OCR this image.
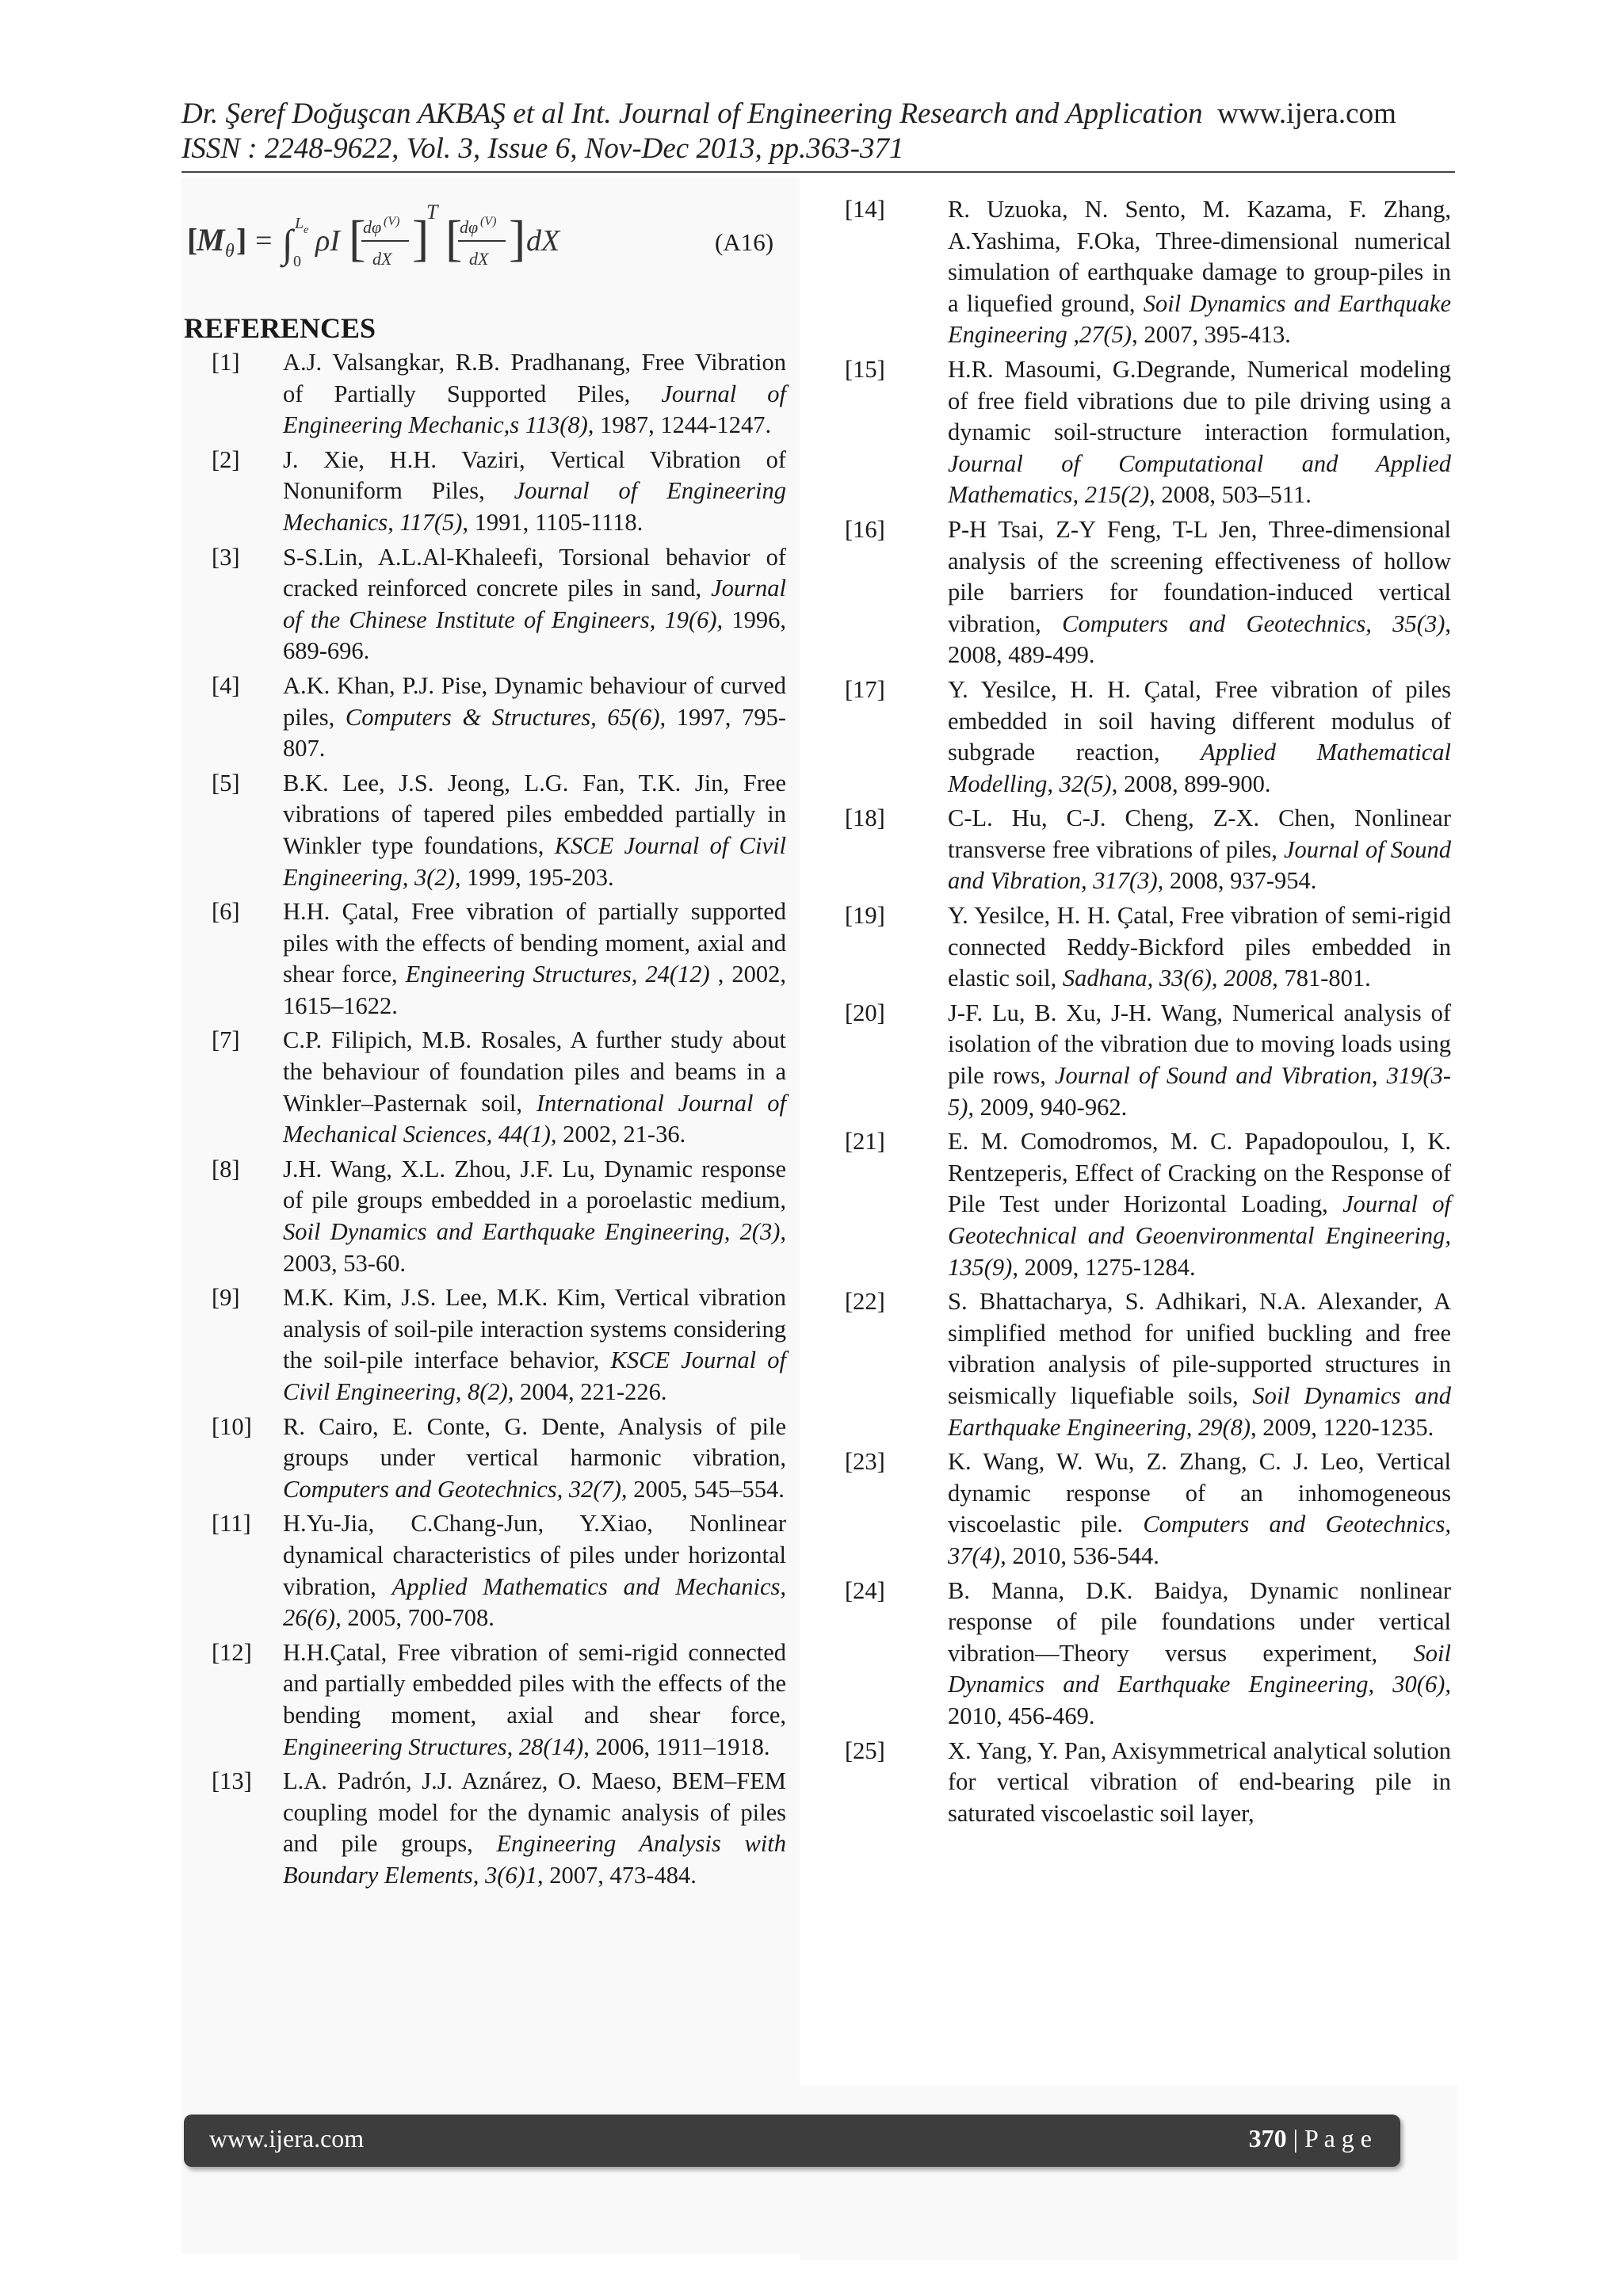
Dr. Şeref Doğuşcan AKBAŞ et al Int. Journal of Engineering Research and Application www.ijera.com
ISSN : 2248-9622, Vol. 3, Issue 6, Nov-Dec 2013, pp.363-371
[
M θ ] = ∫ L e
0
ρI [
dφ (V)
dX ]
T [
dφ (V)
dX ] dX	(A16)
REFERENCES
[1] A.J. Valsangkar, R.B. Pradhanang, Free Vibration of Partially Supported Piles, Journal of Engineering Mechanic,s 113(8), 1987, 1244-1247.
[2] J. Xie, H.H. Vaziri, Vertical Vibration of Nonuniform Piles, Journal of Engineering Mechanics, 117(5), 1991, 1105-1118.
[3] S-S.Lin, A.L.Al-Khaleefi, Torsional behavior of cracked reinforced concrete piles in sand, Journal of the Chinese Institute of Engineers, 19(6), 1996, 689-696.
[4] A.K. Khan, P.J. Pise, Dynamic behaviour of curved piles, Computers & Structures, 65(6), 1997, 795-807.
[5] B.K. Lee, J.S. Jeong, L.G. Fan, T.K. Jin, Free vibrations of tapered piles embedded partially in Winkler type foundations, KSCE Journal of Civil Engineering, 3(2), 1999, 195-203.
[6] H.H. Çatal, Free vibration of partially supported piles with the effects of bending moment, axial and shear force, Engineering Structures, 24(12) , 2002, 1615–1622.
[7] C.P. Filipich, M.B. Rosales, A further study about the behaviour of foundation piles and beams in a Winkler–Pasternak soil, International Journal of Mechanical Sciences, 44(1), 2002, 21-36.
[8] J.H. Wang, X.L. Zhou, J.F. Lu, Dynamic response of pile groups embedded in a poroelastic medium, Soil Dynamics and Earthquake Engineering, 2(3), 2003, 53-60.
[9] M.K. Kim, J.S. Lee, M.K. Kim, Vertical vibration analysis of soil-pile interaction systems considering the soil-pile interface behavior, KSCE Journal of Civil Engineering, 8(2), 2004, 221-226.
[10] R. Cairo, E. Conte, G. Dente, Analysis of pile groups under vertical harmonic vibration, Computers and Geotechnics, 32(7), 2005, 545–554.
[11] H.Yu-Jia, C.Chang-Jun, Y.Xiao, Nonlinear dynamical characteristics of piles under horizontal vibration, Applied Mathematics and Mechanics, 26(6), 2005, 700-708.
[12] H.H.Çatal, Free vibration of semi-rigid connected and partially embedded piles with the effects of the bending moment, axial and shear force, Engineering Structures, 28(14), 2006, 1911–1918.
[13] L.A. Padrón, J.J. Aznárez, O. Maeso, BEM–FEM coupling model for the dynamic analysis of piles and pile groups, Engineering Analysis with Boundary Elements, 3(6)1, 2007, 473-484.
[14]	R. Uzuoka, N. Sento, M. Kazama, F. Zhang, A.Yashima, F.Oka, Three-dimensional numerical simulation of earthquake damage to group-piles in a liquefied ground, Soil Dynamics and Earthquake Engineering ,27(5), 2007, 395-413.
[15]	H.R. Masoumi, G.Degrande, Numerical modeling of free field vibrations due to pile driving using a dynamic soil-structure interaction formulation, Journal of Computational and Applied Mathematics, 215(2), 2008, 503–511.
[16]	P-H Tsai, Z-Y Feng, T-L Jen, Three-dimensional analysis of the screening effectiveness of hollow pile barriers for foundation-induced vertical vibration, Computers and Geotechnics, 35(3), 2008, 489-499.
[17]	Y. Yesilce, H. H. Çatal, Free vibration of piles embedded in soil having different modulus of subgrade reaction, Applied Mathematical Modelling, 32(5), 2008, 899-900.
[18]	C-L. Hu, C-J. Cheng, Z-X. Chen, Nonlinear transverse free vibrations of piles, Journal of Sound and Vibration, 317(3), 2008, 937-954.
[19]	Y. Yesilce, H. H. Çatal, Free vibration of semi-rigid connected Reddy-Bickford piles embedded in elastic soil, Sadhana, 33(6), 2008, 781-801.
[20]	J-F. Lu, B. Xu, J-H. Wang, Numerical analysis of isolation of the vibration due to moving loads using pile rows, Journal of Sound and Vibration, 319(3-5), 2009, 940-962.
[21]	E. M. Comodromos, M. C. Papadopoulou, I, K. Rentzeperis, Effect of Cracking on the Response of Pile Test under Horizontal Loading, Journal of Geotechnical and Geoenvironmental Engineering, 135(9), 2009, 1275-1284.
[22]	S. Bhattacharya, S. Adhikari, N.A. Alexander, A simplified method for unified buckling and free vibration analysis of pile-supported structures in seismically liquefiable soils, Soil Dynamics and Earthquake Engineering, 29(8), 2009, 1220-1235.
[23]	K. Wang, W. Wu, Z. Zhang, C. J. Leo, Vertical dynamic response of an inhomogeneous viscoelastic pile. Computers and Geotechnics, 37(4), 2010, 536-544.
[24]	B. Manna, D.K. Baidya, Dynamic nonlinear response of pile foundations under vertical vibration—Theory versus experiment, Soil Dynamics and Earthquake Engineering, 30(6), 2010, 456-469.
[25]	X. Yang, Y. Pan, Axisymmetrical analytical solution for vertical vibration of end-bearing pile in saturated viscoelastic soil layer,
www.ijera.com	370 | P a g e
